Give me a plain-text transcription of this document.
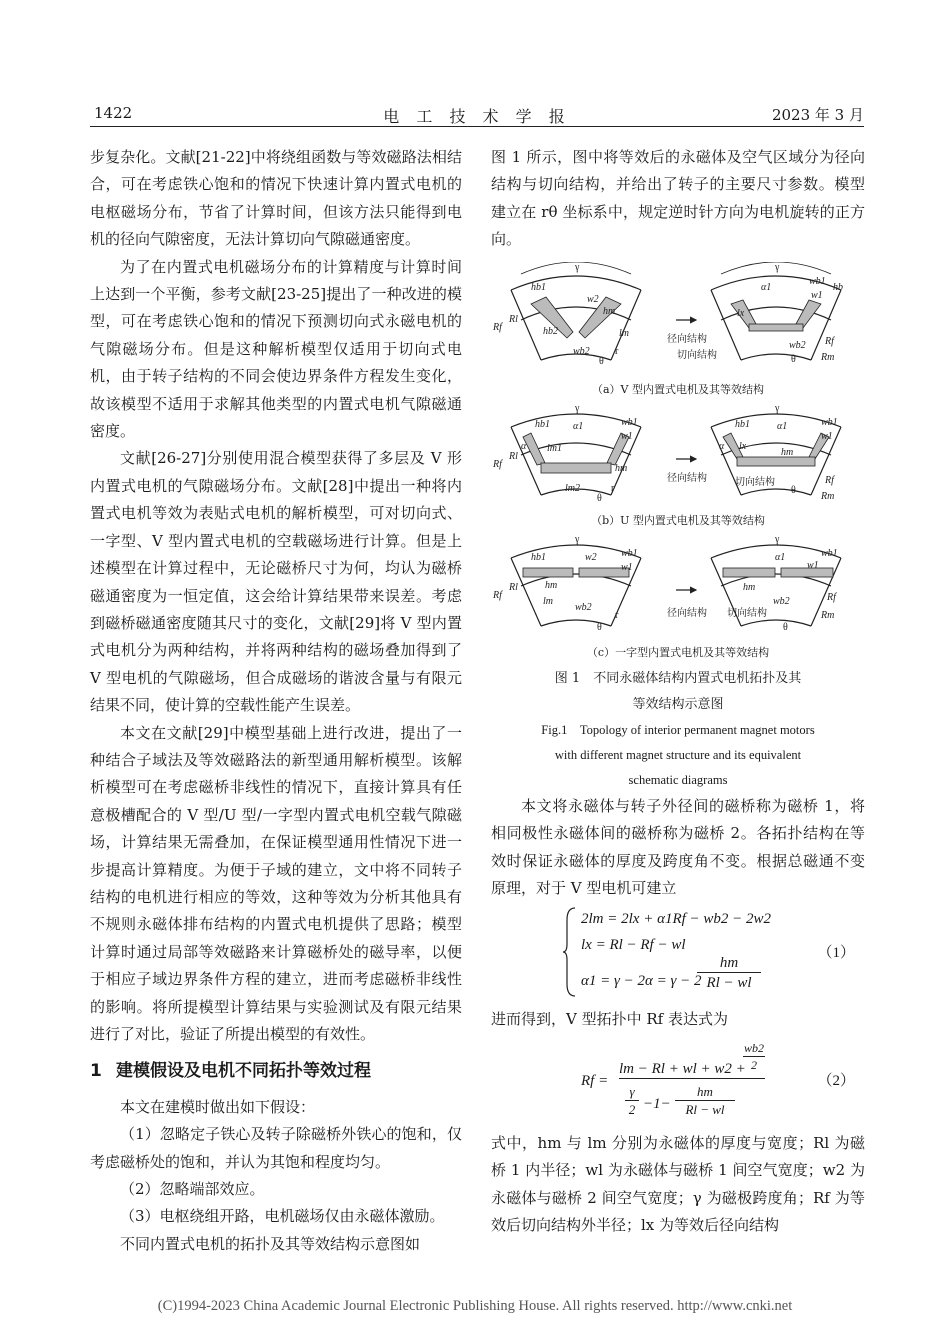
1422	电 工 技 术 学 报	2023 年 3 月

步复杂化。文献[21-22]中将绕组函数与等效磁路法相结合，可在考虑铁心饱和的情况下快速计算内置式电机的电枢磁场分布，节省了计算时间，但该方法只能得到电机的径向气隙密度，无法计算切向气隙磁通密度。

为了在内置式电机磁场分布的计算精度与计算时间上达到一个平衡，参考文献[23-25]提出了一种改进的模型，可在考虑铁心饱和的情况下预测切向式永磁电机的气隙磁场分布。但是这种解析模型仅适用于切向式电机，由于转子结构的不同会使边界条件方程发生变化，故该模型不适用于求解其他类型的内置式电机气隙磁通密度。

文献[26-27]分别使用混合模型获得了多层及 V 形内置式电机的气隙磁场分布。文献[28]中提出一种将内置式电机等效为表贴式电机的解析模型，可对切向式、一字型、V 型内置式电机的空载磁场进行计算。但是上述模型在计算过程中，无论磁桥尺寸为何，均认为磁桥磁通密度为一恒定值，这会给计算结果带来误差。考虑到磁桥磁通密度随其尺寸的变化，文献[29]将 V 型内置式电机分为两种结构，并将两种结构的磁场叠加得到了 V 型电机的气隙磁场，但合成磁场的谐波含量与有限元结果不同，使计算的空载性能产生误差。

本文在文献[29]中模型基础上进行改进，提出了一种结合子域法及等效磁路法的新型通用解析模型。该解析模型可在考虑磁桥非线性的情况下，直接计算具有任意极槽配合的 V 型/U 型/一字型内置式电机空载气隙磁场，计算结果无需叠加，在保证模型通用性情况下进一步提高计算精度。为便于子域的建立，文中将不同转子结构的电机进行相应的等效，这种等效为分析其他具有不规则永磁体排布结构的内置式电机提供了思路；模型计算时通过局部等效磁路来计算磁桥处的磁导率，以便于相应子域边界条件方程的建立，进而考虑磁桥非线性的影响。将所提模型计算结果与实验测试及有限元结果进行了对比，验证了所提出模型的有效性。

1 建模假设及电机不同拓扑等效过程

本文在建模时做出如下假设：

（1）忽略定子铁心及转子除磁桥外铁心的饱和，仅考虑磁桥处的饱和，并认为其饱和程度均匀。

（2）忽略端部效应。

（3）电枢绕组开路，电机磁场仅由永磁体激励。

不同内置式电机的拓扑及其等效结构示意图如

图 1 所示，图中将等效后的永磁体及空气区域分为径向结构与切向结构，并给出了转子的主要尺寸参数。模型建立在 rθ 坐标系中，规定逆时针方向为电机旋转的正方向。

γ	γ
hb1
Rf
Rl
hb2
w2
hm
lm
wb2	r
θ
α1
wb1
hb
w1
lx
径向结构
切向结构
wb2 Rf
Rm
θ
（a）V 型内置式电机及其等效结构
γ	γ
hb1 α1	wb1
w1
Rf
Rl
α lm1
hm
lm2	r
θ
hb1	α1	wb1
w1
α lx
hm
径向结构	切向结构
θ
Rf
Rm
（b）U 型内置式电机及其等效结构
γ	γ
hb1	w2 wb1
w1
hm
Rf
Rl
lm
wb2
r
θ
α1	wb1
w1
hm
径向结构 切向结构
wb2
θ
Rf
Rm
（c）一字型内置式电机及其等效结构
图 1　不同永磁体结构内置式电机拓扑及其
等效结构示意图
Fig.1　Topology of interior permanent magnet motors
with different magnet structure and its equivalent
schematic diagrams

本文将永磁体与转子外径间的磁桥称为磁桥 1，将相同极性永磁体间的磁桥称为磁桥 2。各拓扑结构在等效时保证永磁体的厚度及跨度角不变。根据总磁通不变原理，对于 V 型电机可建立

2lm = 2lx + α1Rf − wb2 − 2w2
lx = Rl − Rf − wl
α1 = γ − 2α = γ − 2
$\frac{hm}{Rl - wl}$
（1）

进而得到，V 型拓扑中 Rf 表达式为

Rf =
lm − Rl + wl + w2 +
wb2
2
γ
2 −1−
hm
Rl − wl
（2）

式中，hm 与 lm 分别为永磁体的厚度与宽度；Rl 为磁桥 1 内半径；wl 为永磁体与磁桥 1 间空气宽度；w2 为永磁体与磁桥 2 间空气宽度；γ 为磁极跨度角；Rf 为等效后切向结构外半径；lx 为等效后径向结构

(C)1994-2023 China Academic Journal Electronic Publishing House. All rights reserved. http://www.cnki.net
